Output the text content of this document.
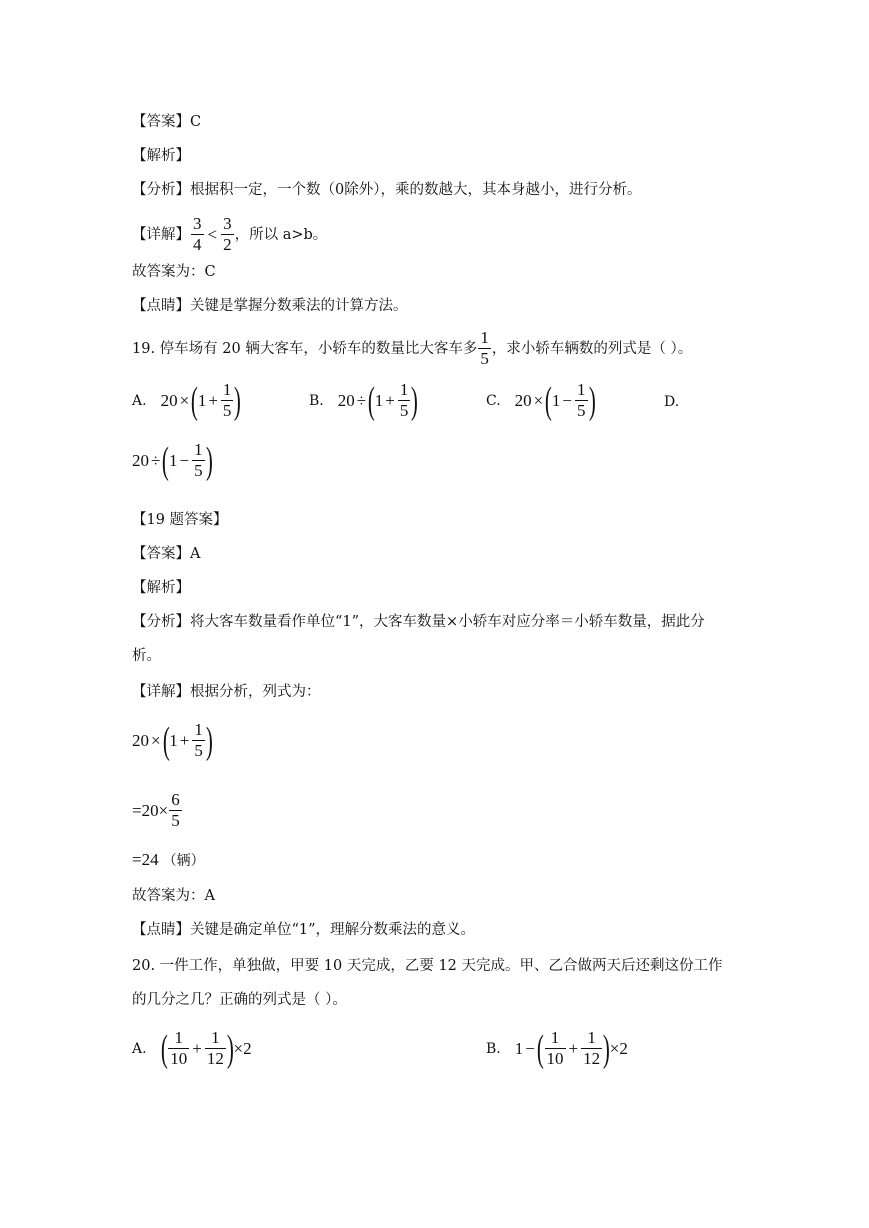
【答案】C
【解析】
【分析】根据积一定，一个数（0除外），乘的数越大，其本身越小，进行分析。
【详解】 $\frac{3}{4} < \frac{3}{2}$ ，所以 a>b。
故答案为：C
【点睛】关键是掌握分数乘法的计算方法。
19. 停车场有 20 辆大客车，小轿车的数量比大客车多 $\frac{1}{5}$ ，求小轿车辆数的列式是（ ）。
A. 20 × ( $1 + \frac{1}{5}$ )	B. 20 ÷ ( $1 + \frac{1}{5}$ )	C. 20 × ( $1 - \frac{1}{5}$ )	D.
20 ÷ ( $1 - \frac{1}{5}$ )
【19 题答案】
【答案】A
【解析】
【分析】将大客车数量看作单位“1”，大客车数量×小轿车对应分率＝小轿车数量，据此分
析。
【详解】根据分析，列式为：
20 × ( $1 + \frac{1}{5}$ )
$=20\times \frac{6}{5}$
=24 （辆）
故答案为：A
【点睛】关键是确定单位“1”，理解分数乘法的意义。
20. 一件工作，单独做，甲要 10 天完成，乙要 12 天完成。甲、乙合做两天后还剩这份工作
的几分之几？正确的列式是（ ）。
A. ( $\frac{1}{10} + \frac{1}{12}$ ) × 2	B. 1 − ( $\frac{1}{10} + \frac{1}{12}$ ) × 2
